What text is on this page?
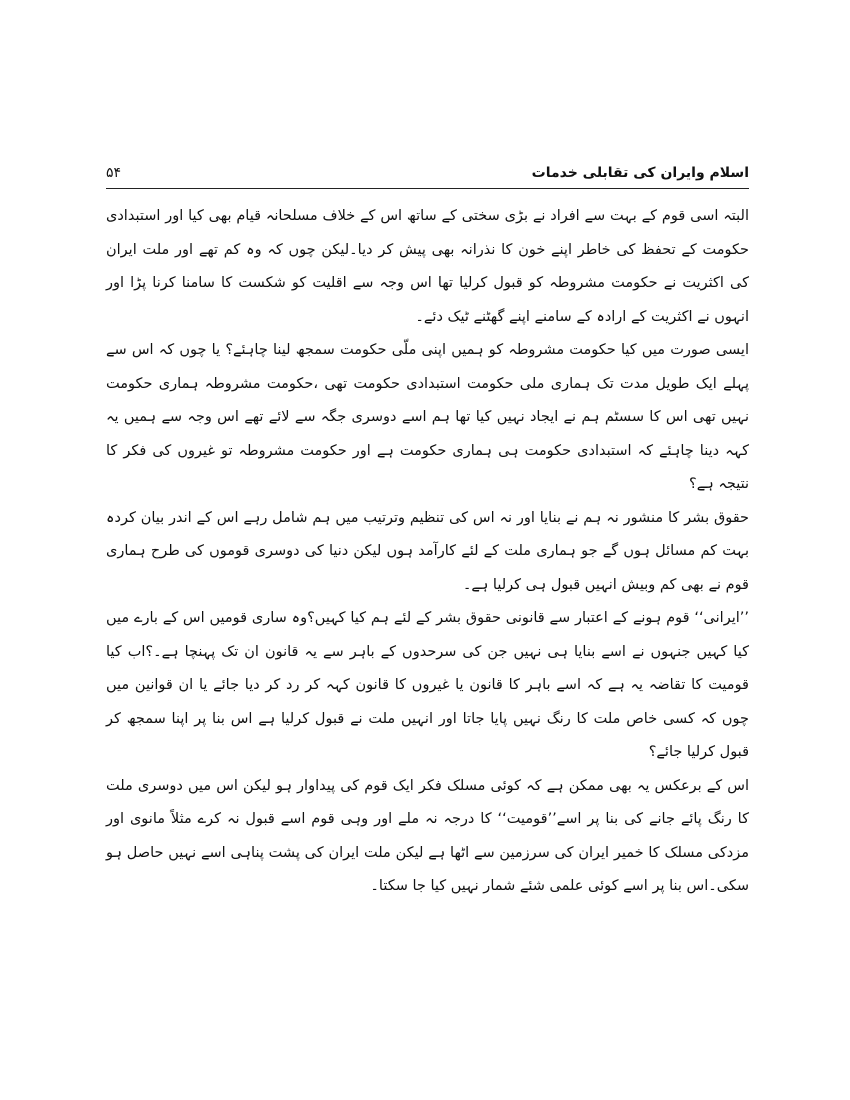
اسلام وایران کی تقابلی خدمات
۵۴

البتہ اسی قوم کے بہت سے افراد نے بڑی سختی کے ساتھ اس کے خلاف مسلحانہ قیام بھی کیا اور استبدادی حکومت کے تحفظ کی خاطر اپنے خون کا نذرانہ بھی پیش کر دیا۔لیکن چوں کہ وہ کم تھے اور ملت ایران کی اکثریت نے حکومت مشروطہ کو قبول کرلیا تھا اس وجہ سے اقلیت کو شکست کا سامنا کرنا پڑا اور انہوں نے اکثریت کے ارادہ کے سامنے اپنے گھٹنے ٹیک دئے۔

ایسی صورت میں کیا حکومت مشروطہ کو ہمیں اپنی ملّی حکومت سمجھ لینا چاہئے؟ یا چوں کہ اس سے پہلے ایک طویل مدت تک ہماری ملی حکومت استبدادی حکومت تھی ،حکومت مشروطہ ہماری حکومت نہیں تھی اس کا سسٹم ہم نے ایجاد نہیں کیا تھا ہم اسے دوسری جگہ سے لائے تھے اس وجہ سے ہمیں یہ کہہ دینا چاہئے کہ استبدادی حکومت ہی ہماری حکومت ہے اور حکومت مشروطہ تو غیروں کی فکر کا نتیجہ ہے؟

حقوق بشر کا منشور نہ ہم نے بنایا اور نہ اس کی تنظیم وترتیب میں ہم شامل رہے اس کے اندر بیان کردہ بہت کم مسائل ہوں گے جو ہماری ملت کے لئے کارآمد ہوں لیکن دنیا کی دوسری قوموں کی طرح ہماری قوم نے بھی کم وبیش انہیں قبول ہی کرلیا ہے۔

’’ایرانی‘‘ قوم ہونے کے اعتبار سے قانونی حقوق بشر کے لئے ہم کیا کہیں؟وہ ساری قومیں اس کے بارے میں کیا کہیں جنہوں نے اسے بنایا ہی نہیں جن کی سرحدوں کے باہر سے یہ قانون ان تک پہنچا ہے۔؟اب کیا قومیت کا تقاضہ یہ ہے کہ اسے باہر کا قانون یا غیروں کا قانون کہہ کر رد کر دیا جائے یا ان قوانین میں چوں کہ کسی خاص ملت کا رنگ نہیں پایا جاتا اور انہیں ملت نے قبول کرلیا ہے اس بنا پر اپنا سمجھ کر قبول کرلیا جائے؟

اس کے برعکس یہ بھی ممکن ہے کہ کوئی مسلک فکر ایک قوم کی پیداوار ہو لیکن اس میں دوسری ملت کا رنگ پائے جانے کی بنا پر اسے’’قومیت‘‘ کا درجہ نہ ملے اور وہی قوم اسے قبول نہ کرے مثلاً مانوی اور مزدکی مسلک کا خمیر ایران کی سرزمین سے اٹھا ہے لیکن ملت ایران کی پشت پناہی اسے نہیں حاصل ہو سکی۔اس بنا پر اسے کوئی علمی شئے شمار نہیں کیا جا سکتا۔
